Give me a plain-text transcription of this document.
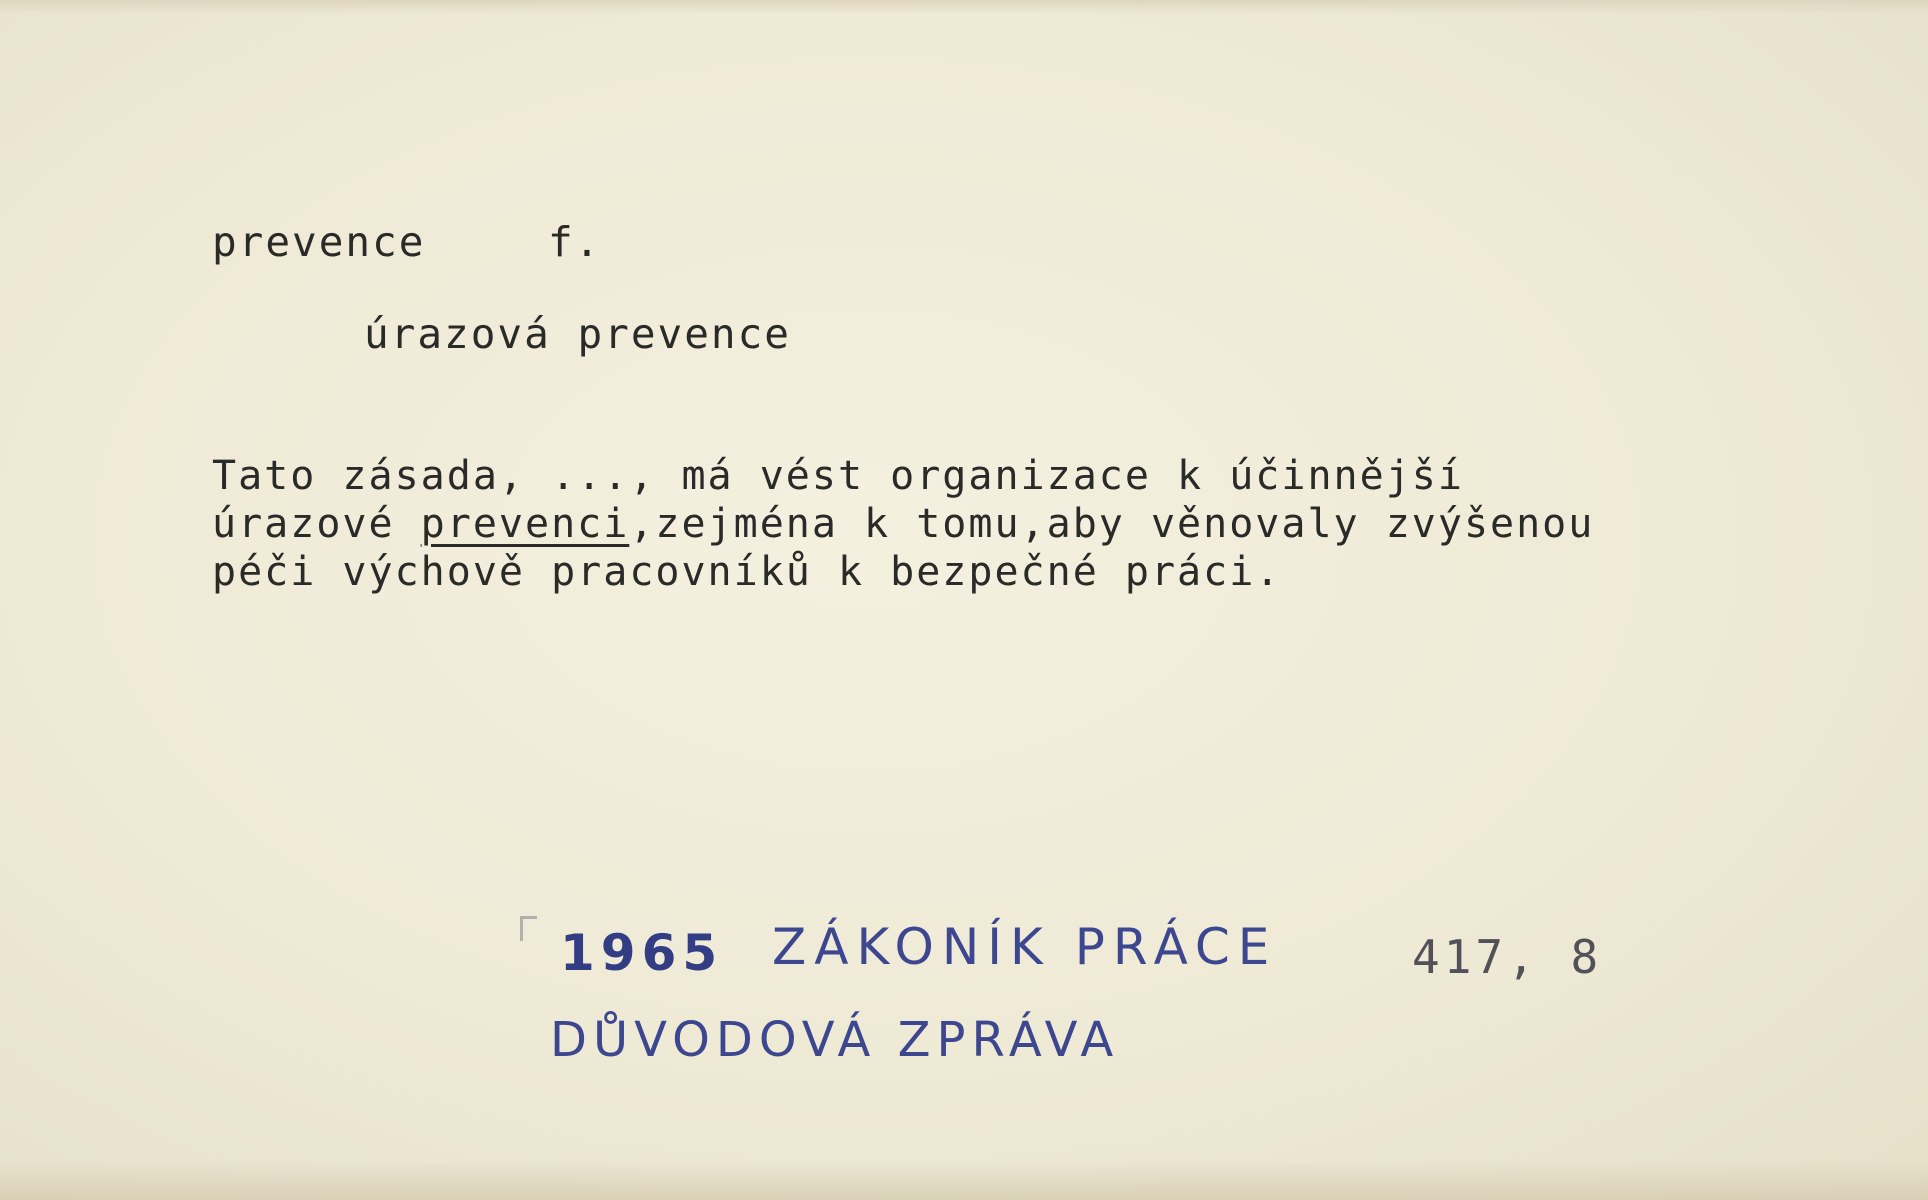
prevence	f.
úrazová prevence
Tato zásada, ..., má vést organizace k účinnější
úrazové prevenci,zejména k tomu,aby věnovaly zvýšenou
péči výchově pracovníků k bezpečné práci.
1965 ZÁKONÍK PRÁCE	417, 8
DŮVODOVÁ ZPRÁVA
